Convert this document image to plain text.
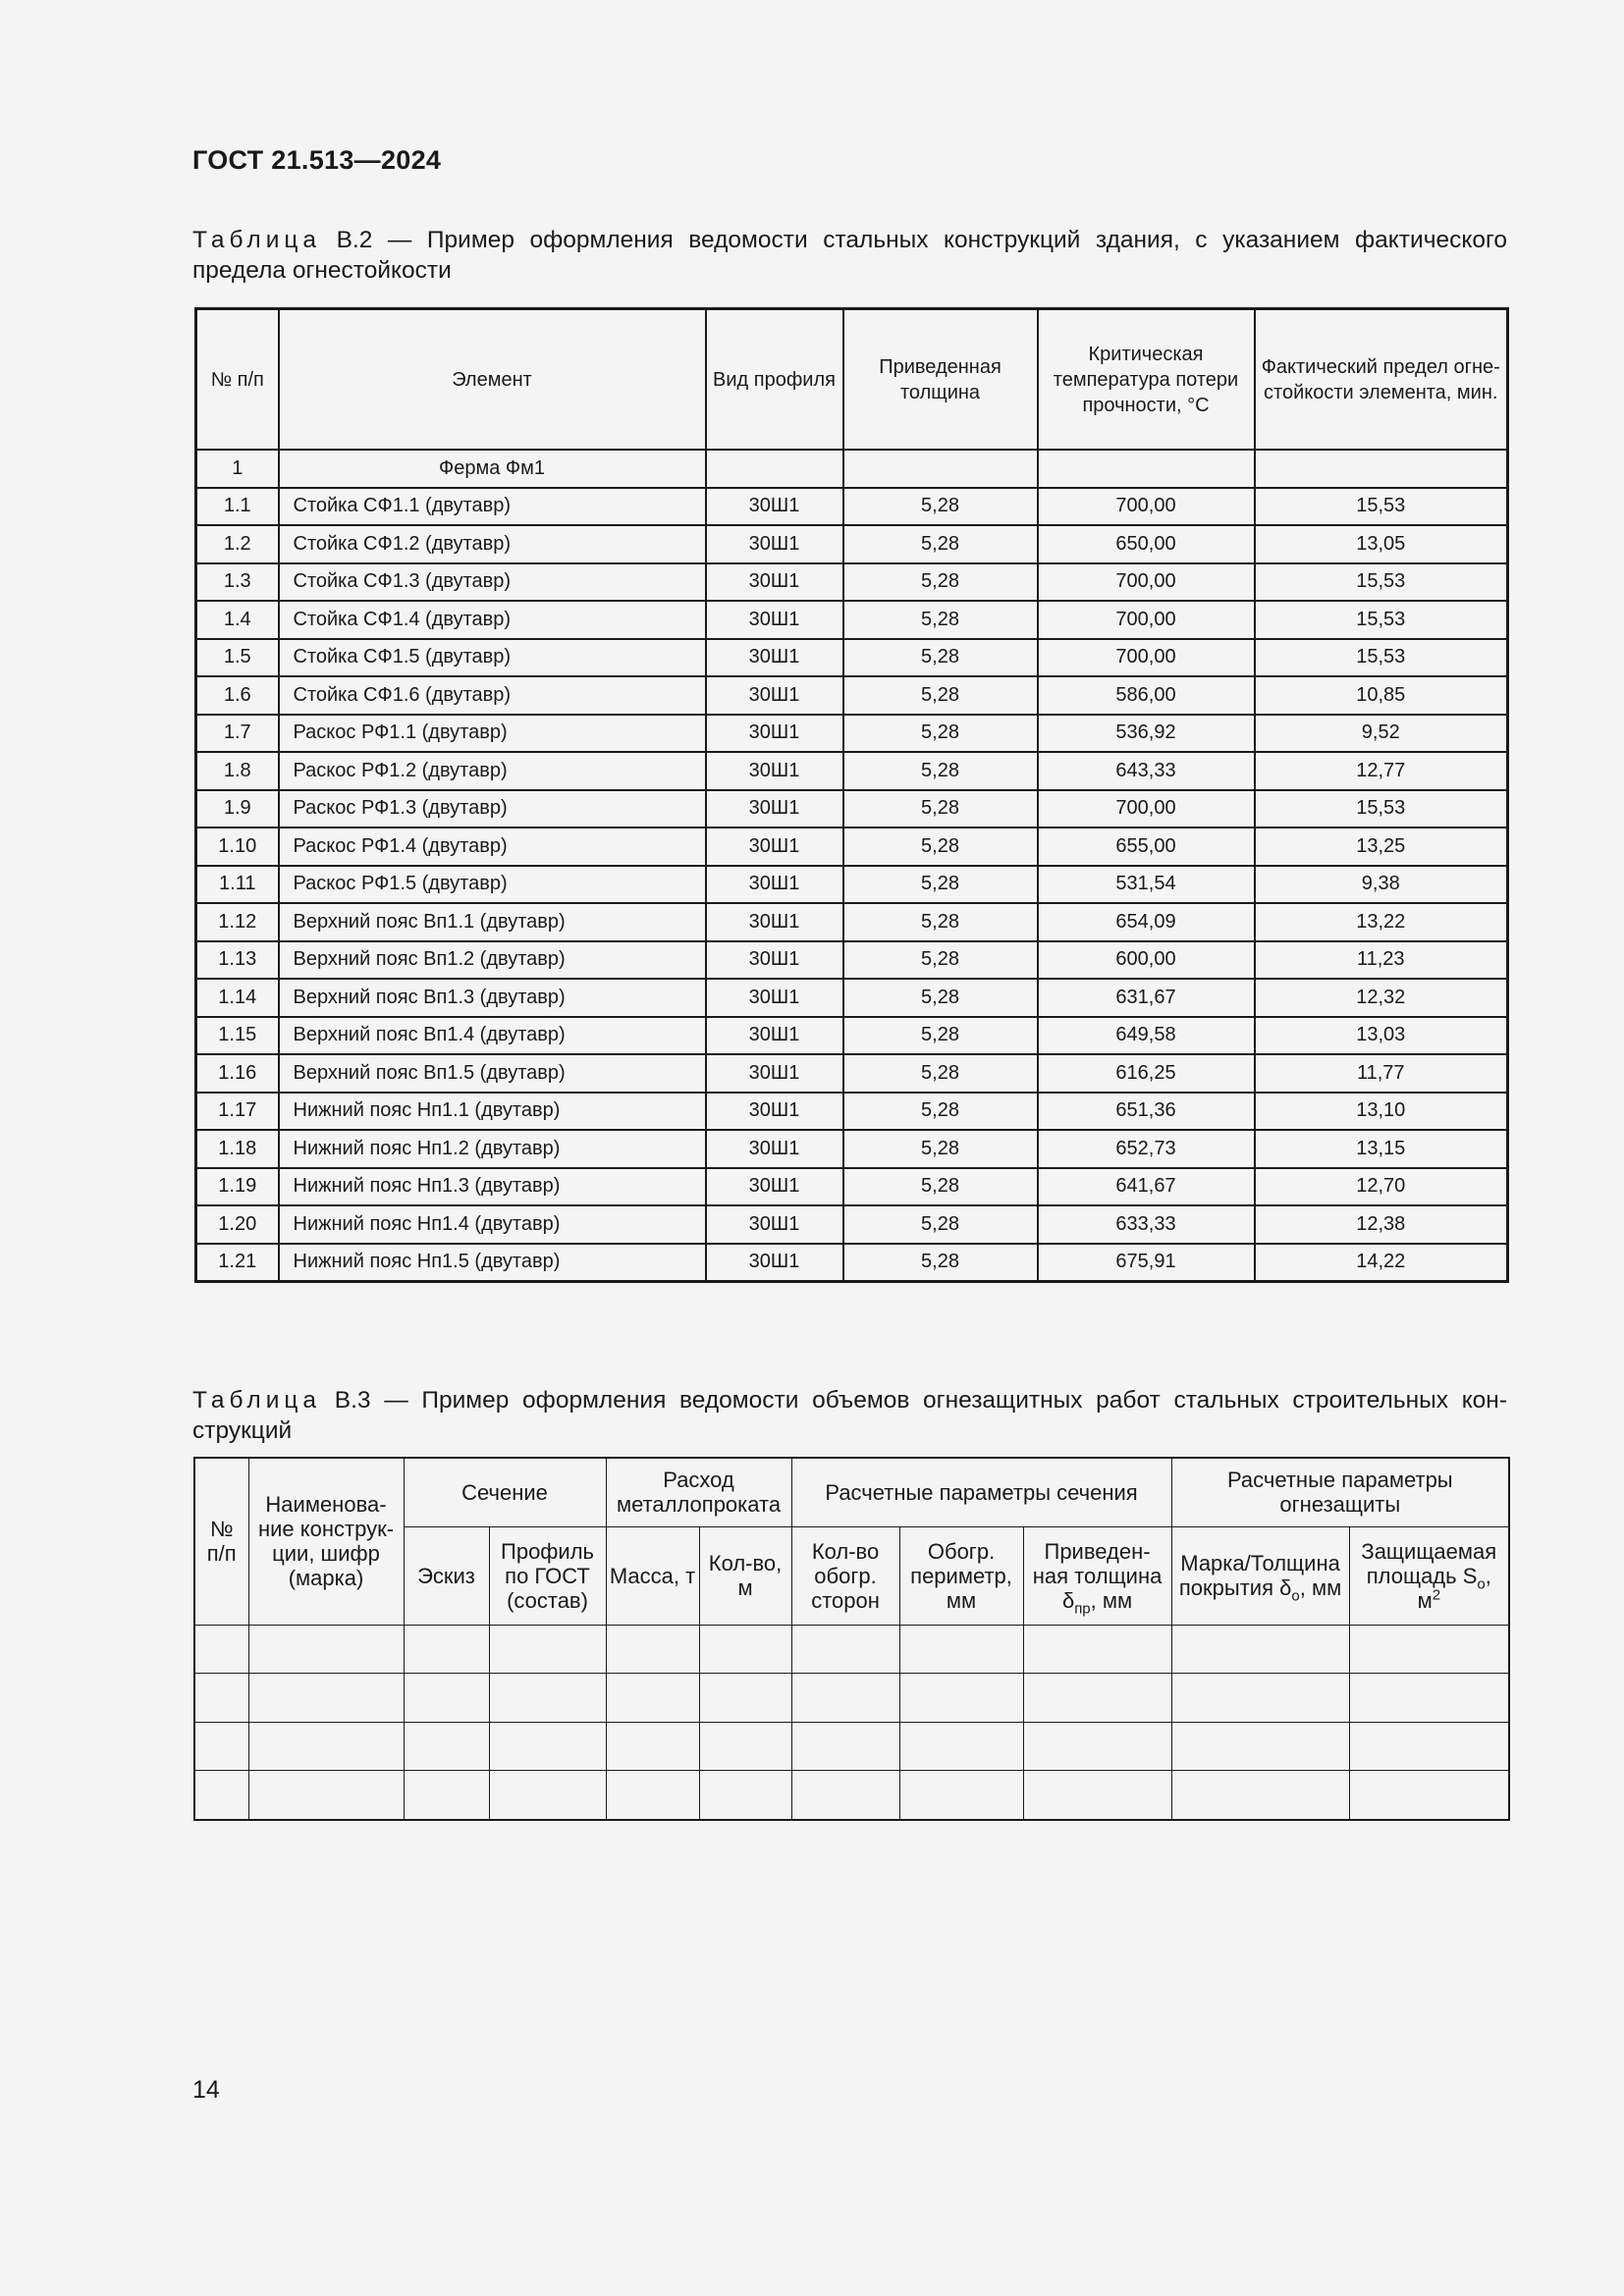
ГОСТ 21.513—2024
Таблица В.2 — Пример оформления ведомости стальных конструкций здания, с указанием фактического предела огнестойкости
№ п/п	Элемент	Вид профиля	Приведенная толщина	Критическая температура потери прочности, °С	Фактический предел огне-стойкости элемента, мин.
1	Ферма Фм1				
1.1	Стойка СФ1.1 (двутавр)	30Ш1	5,28	700,00	15,53
1.2	Стойка СФ1.2 (двутавр)	30Ш1	5,28	650,00	13,05
1.3	Стойка СФ1.3 (двутавр)	30Ш1	5,28	700,00	15,53
1.4	Стойка СФ1.4 (двутавр)	30Ш1	5,28	700,00	15,53
1.5	Стойка СФ1.5 (двутавр)	30Ш1	5,28	700,00	15,53
1.6	Стойка СФ1.6 (двутавр)	30Ш1	5,28	586,00	10,85
1.7	Раскос РФ1.1 (двутавр)	30Ш1	5,28	536,92	9,52
1.8	Раскос РФ1.2 (двутавр)	30Ш1	5,28	643,33	12,77
1.9	Раскос РФ1.3 (двутавр)	30Ш1	5,28	700,00	15,53
1.10	Раскос РФ1.4 (двутавр)	30Ш1	5,28	655,00	13,25
1.11	Раскос РФ1.5 (двутавр)	30Ш1	5,28	531,54	9,38
1.12	Верхний пояс Вп1.1 (двутавр)	30Ш1	5,28	654,09	13,22
1.13	Верхний пояс Вп1.2 (двутавр)	30Ш1	5,28	600,00	11,23
1.14	Верхний пояс Вп1.3 (двутавр)	30Ш1	5,28	631,67	12,32
1.15	Верхний пояс Вп1.4 (двутавр)	30Ш1	5,28	649,58	13,03
1.16	Верхний пояс Вп1.5 (двутавр)	30Ш1	5,28	616,25	11,77
1.17	Нижний пояс Нп1.1 (двутавр)	30Ш1	5,28	651,36	13,10
1.18	Нижний пояс Нп1.2 (двутавр)	30Ш1	5,28	652,73	13,15
1.19	Нижний пояс Нп1.3 (двутавр)	30Ш1	5,28	641,67	12,70
1.20	Нижний пояс Нп1.4 (двутавр)	30Ш1	5,28	633,33	12,38
1.21	Нижний пояс Нп1.5 (двутавр)	30Ш1	5,28	675,91	14,22
Таблица В.3 — Пример оформления ведомости объемов огнезащитных работ стальных строительных кон-струкций
№ п/п	Наименова-ние конструк-ции, шифр (марка)	Сечение		Расход металлопроката		Расчетные параметры сечения			Расчетные параметры огнезащиты	
		Эскиз	Профиль по ГОСТ (состав)	Масса, т	Кол-во, м	Кол-во обогр. сторон	Обогр. периметр, мм	Приведен-ная толщина $\delta_{пр}$, мм	Марка/Толщина покрытия $\delta_о$, мм	Защищаемая площадь $S_о$, $м^2$

14
